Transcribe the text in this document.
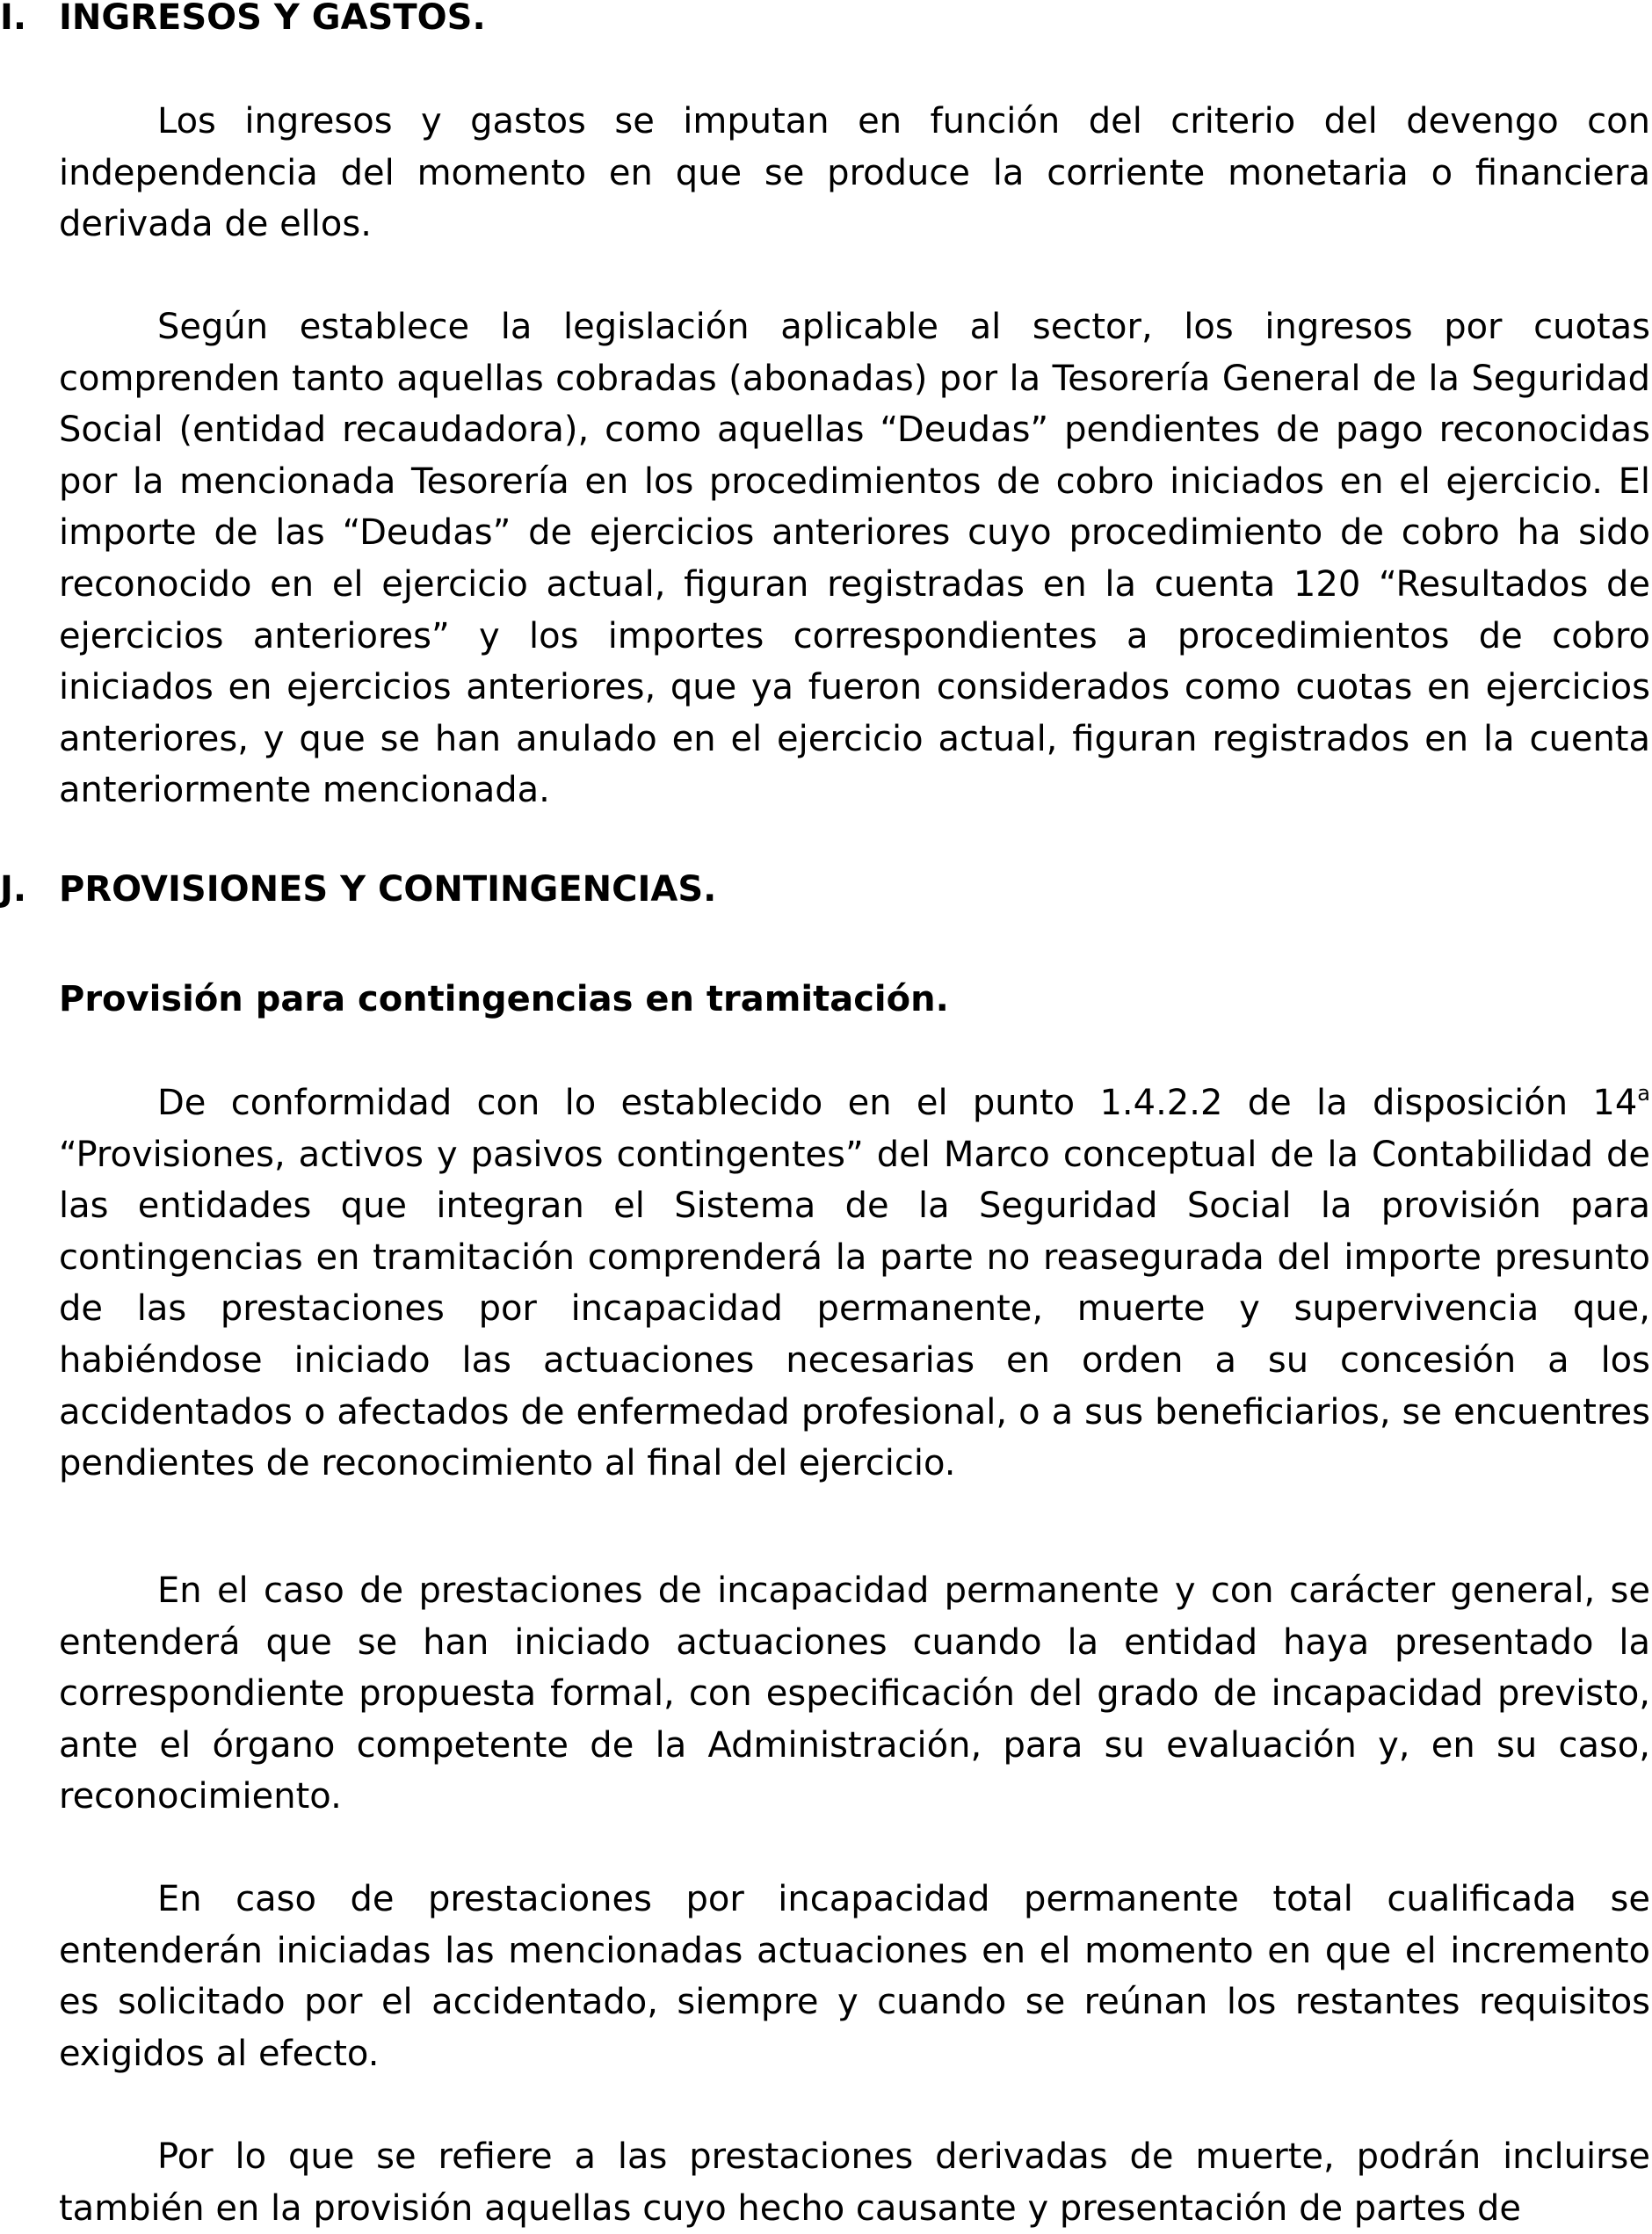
I. INGRESOS Y GASTOS.

Los ingresos y gastos se imputan en función del criterio del devengo con independencia del momento en que se produce la corriente monetaria o financiera derivada de ellos.

Según establece la legislación aplicable al sector, los ingresos por cuotas comprenden tanto aquellas cobradas (abonadas) por la Tesorería General de la Seguridad Social (entidad recaudadora), como aquellas “Deudas” pendientes de pago reconocidas por la mencionada Tesorería en los procedimientos de cobro iniciados en el ejercicio. El importe de las “Deudas” de ejercicios anteriores cuyo procedimiento de cobro ha sido reconocido en el ejercicio actual, figuran registradas en la cuenta 120 “Resultados de ejercicios anteriores” y los importes correspondientes a procedimientos de cobro iniciados en ejercicios anteriores, que ya fueron considerados como cuotas en ejercicios anteriores, y que se han anulado en el ejercicio actual, figuran registrados en la cuenta anteriormente mencionada.

J. PROVISIONES Y CONTINGENCIAS.
Provisión para contingencias en tramitación.

De conformidad con lo establecido en el punto 1.4.2.2 de la disposición 14$^a$ “Provisiones, activos y pasivos contingentes” del Marco conceptual de la Contabilidad de las entidades que integran el Sistema de la Seguridad Social la provisión para contingencias en tramitación comprenderá la parte no reasegurada del importe presunto de las prestaciones por incapacidad permanente, muerte y supervivencia que, habiéndose iniciado las actuaciones necesarias en orden a su concesión a los accidentados o afectados de enfermedad profesional, o a sus beneficiarios, se encuentres pendientes de reconocimiento al final del ejercicio.

En el caso de prestaciones de incapacidad permanente y con carácter general, se entenderá que se han iniciado actuaciones cuando la entidad haya presentado la correspondiente propuesta formal, con especificación del grado de incapacidad previsto, ante el órgano competente de la Administración, para su evaluación y, en su caso, reconocimiento.

En caso de prestaciones por incapacidad permanente total cualificada se entenderán iniciadas las mencionadas actuaciones en el momento en que el incremento es solicitado por el accidentado, siempre y cuando se reúnan los restantes requisitos exigidos al efecto.

Por lo que se refiere a las prestaciones derivadas de muerte, podrán incluirse también en la provisión aquellas cuyo hecho causante y presentación de partes de
